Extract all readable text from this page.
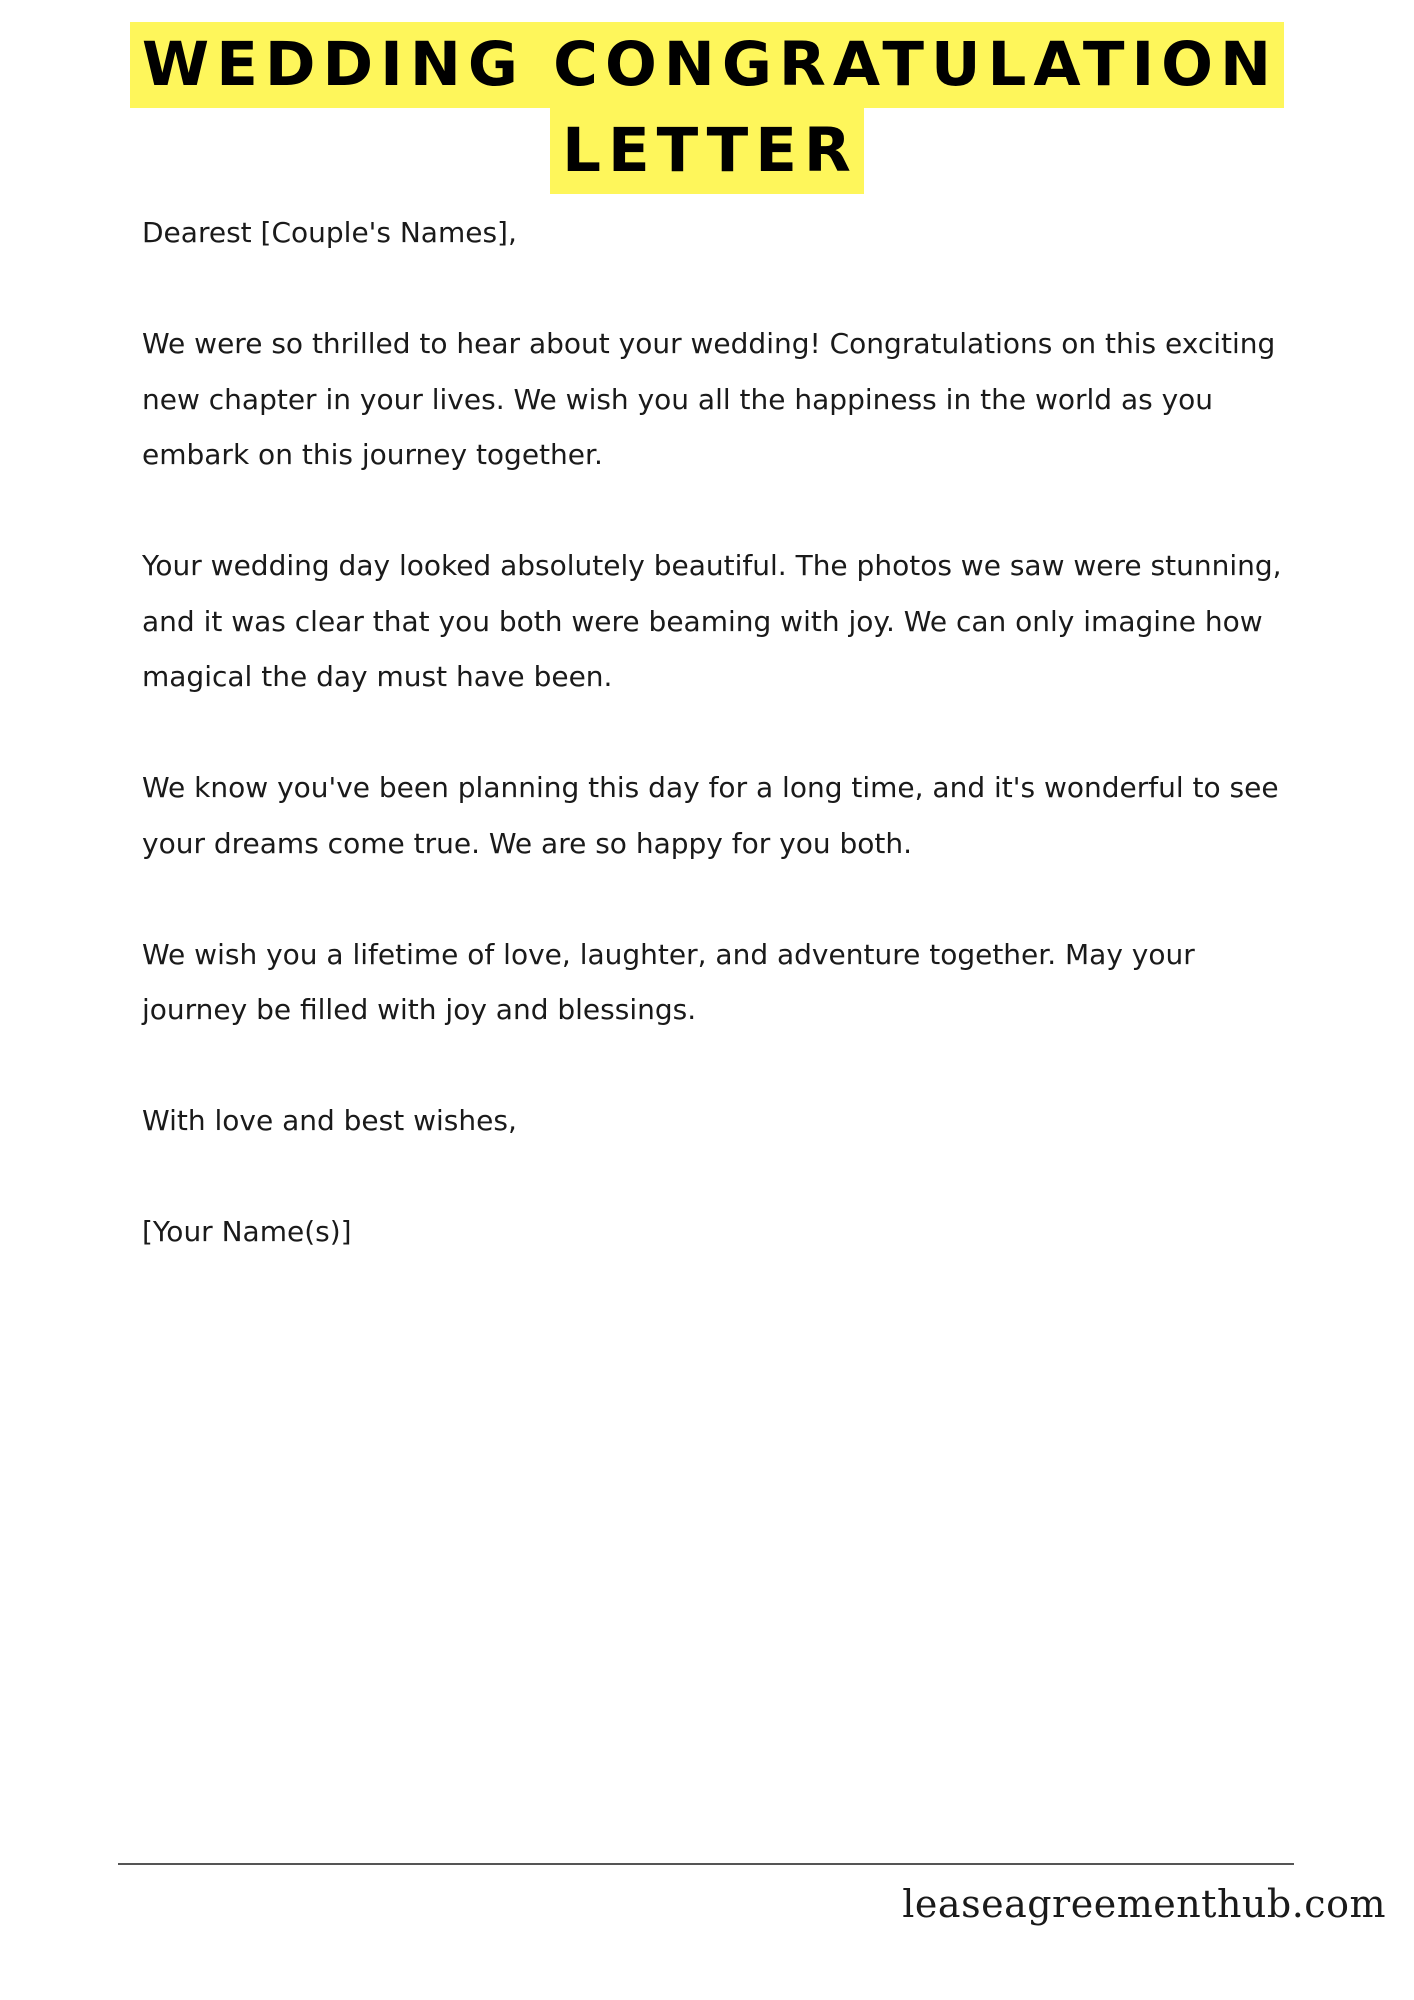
WEDDING CONGRATULATION
LETTER

Dearest [Couple's Names],

We were so thrilled to hear about your wedding! Congratulations on this exciting new chapter in your lives. We wish you all the happiness in the world as you embark on this journey together.

Your wedding day looked absolutely beautiful. The photos we saw were stunning, and it was clear that you both were beaming with joy. We can only imagine how magical the day must have been.

We know you've been planning this day for a long time, and it's wonderful to see your dreams come true. We are so happy for you both.

We wish you a lifetime of love, laughter, and adventure together. May your journey be filled with joy and blessings.

With love and best wishes,

[Your Name(s)]

leaseagreementhub.com
